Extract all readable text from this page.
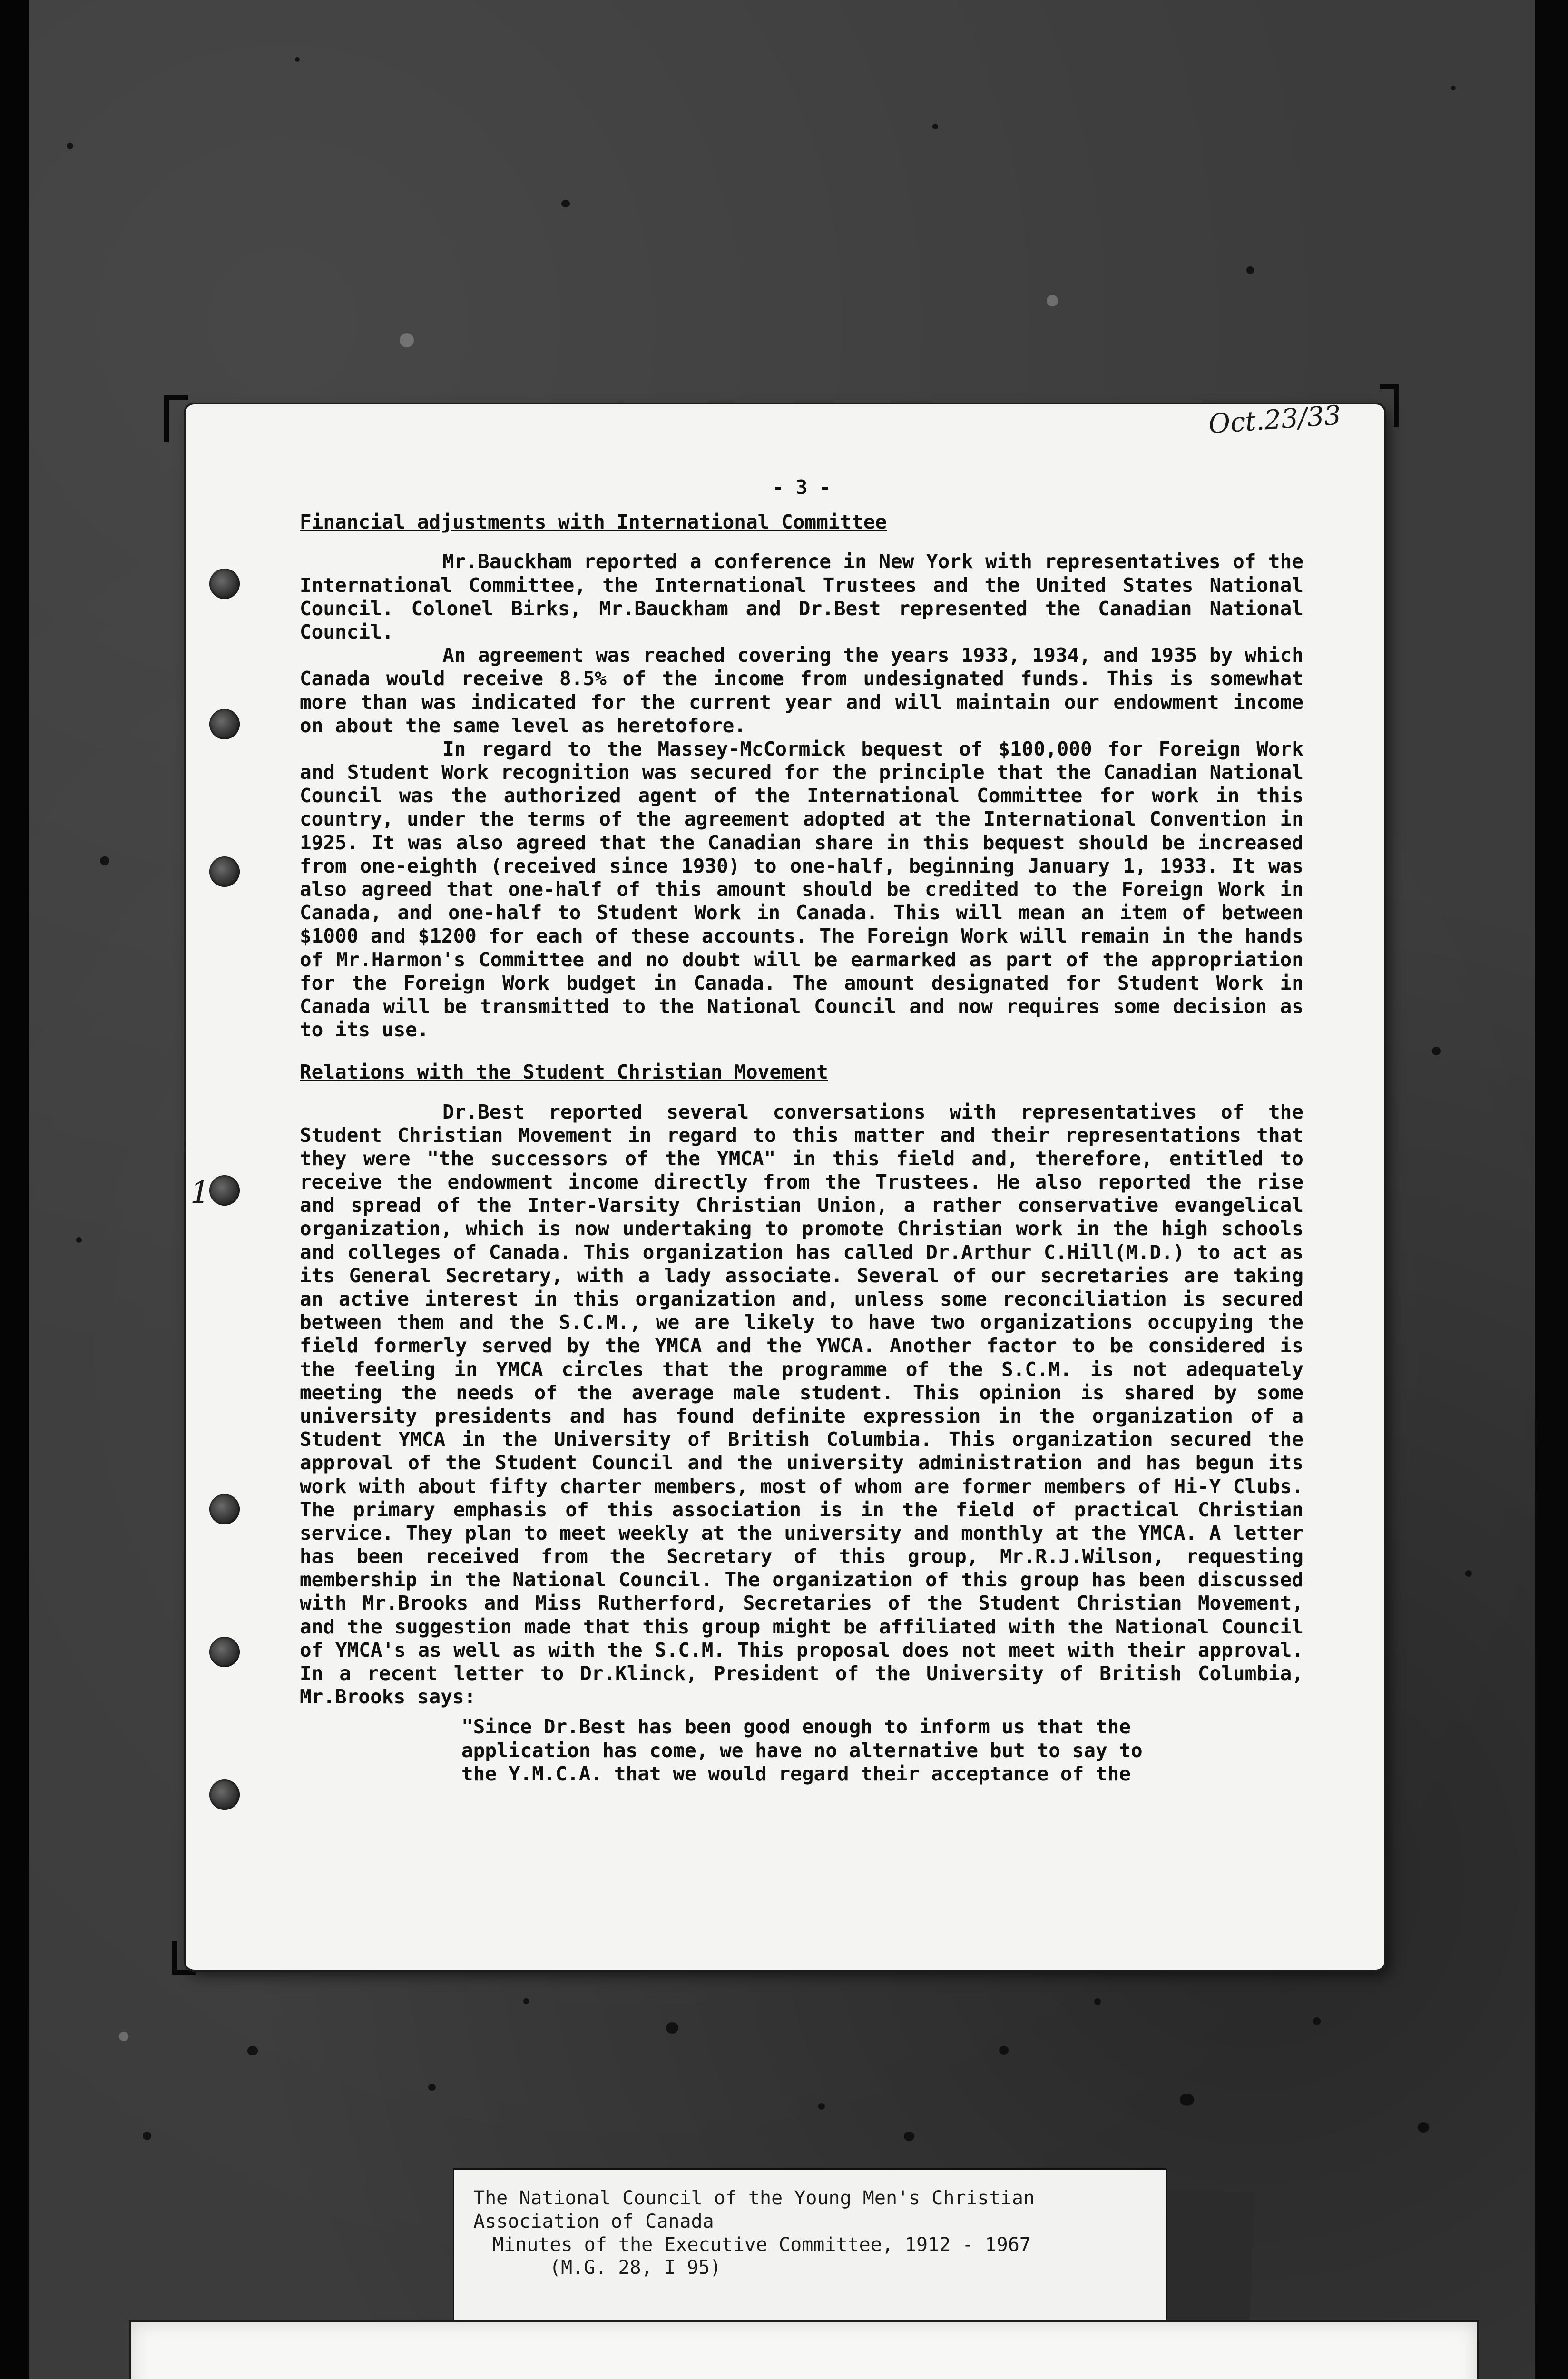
Oct.23/33
1
- 3 -
Financial adjustments with International Committee

Mr.Bauckham reported a conference in New York with representatives of the International Committee, the International Trustees and the United States National Council. Colonel Birks, Mr.Bauckham and Dr.Best represented the Canadian National Council.

An agreement was reached covering the years 1933, 1934, and 1935 by which Canada would receive 8.5% of the income from undesignated funds. This is somewhat more than was indicated for the current year and will maintain our endowment income on about the same level as heretofore.

In regard to the Massey-McCormick bequest of $100,000 for Foreign Work and Student Work recognition was secured for the principle that the Canadian National Council was the authorized agent of the International Committee for work in this country, under the terms of the agreement adopted at the International Convention in 1925. It was also agreed that the Canadian share in this bequest should be increased from one-eighth (received since 1930) to one-half, beginning January 1, 1933. It was also agreed that one-half of this amount should be credited to the Foreign Work in Canada, and one-half to Student Work in Canada. This will mean an item of between $1000 and $1200 for each of these accounts. The Foreign Work will remain in the hands of Mr.Harmon's Committee and no doubt will be earmarked as part of the appropriation for the Foreign Work budget in Canada. The amount designated for Student Work in Canada will be transmitted to the National Council and now requires some decision as to its use.

Relations with the Student Christian Movement

Dr.Best reported several conversations with representatives of the Student Christian Movement in regard to this matter and their representations that they were "the successors of the YMCA" in this field and, therefore, entitled to receive the endowment income directly from the Trustees. He also reported the rise and spread of the Inter-Varsity Christian Union, a rather conservative evangelical organization, which is now undertaking to promote Christian work in the high schools and colleges of Canada. This organization has called Dr.Arthur C.Hill(M.D.) to act as its General Secretary, with a lady associate. Several of our secretaries are taking an active interest in this organization and, unless some reconciliation is secured between them and the S.C.M., we are likely to have two organizations occupying the field formerly served by the YMCA and the YWCA. Another factor to be considered is the feeling in YMCA circles that the programme of the S.C.M. is not adequately meeting the needs of the average male student. This opinion is shared by some university presidents and has found definite expression in the organization of a Student YMCA in the University of British Columbia. This organization secured the approval of the Student Council and the university administration and has begun its work with about fifty charter members, most of whom are former members of Hi-Y Clubs. The primary emphasis of this association is in the field of practical Christian service. They plan to meet weekly at the university and monthly at the YMCA. A letter has been received from the Secretary of this group, Mr.R.J.Wilson, requesting membership in the National Council. The organization of this group has been discussed with Mr.Brooks and Miss Rutherford, Secretaries of the Student Christian Movement, and the suggestion made that this group might be affiliated with the National Council of YMCA's as well as with the S.C.M. This proposal does not meet with their approval. In a recent letter to Dr.Klinck, President of the University of British Columbia, Mr.Brooks says:

"Since Dr.Best has been good enough to inform us that the
application has come, we have no alternative but to say to
the Y.M.C.A. that we would regard their acceptance of the
The National Council of the Young Men's Christian
Association of Canada
Minutes of the Executive Committee, 1912 - 1967
(M.G. 28, I 95)
